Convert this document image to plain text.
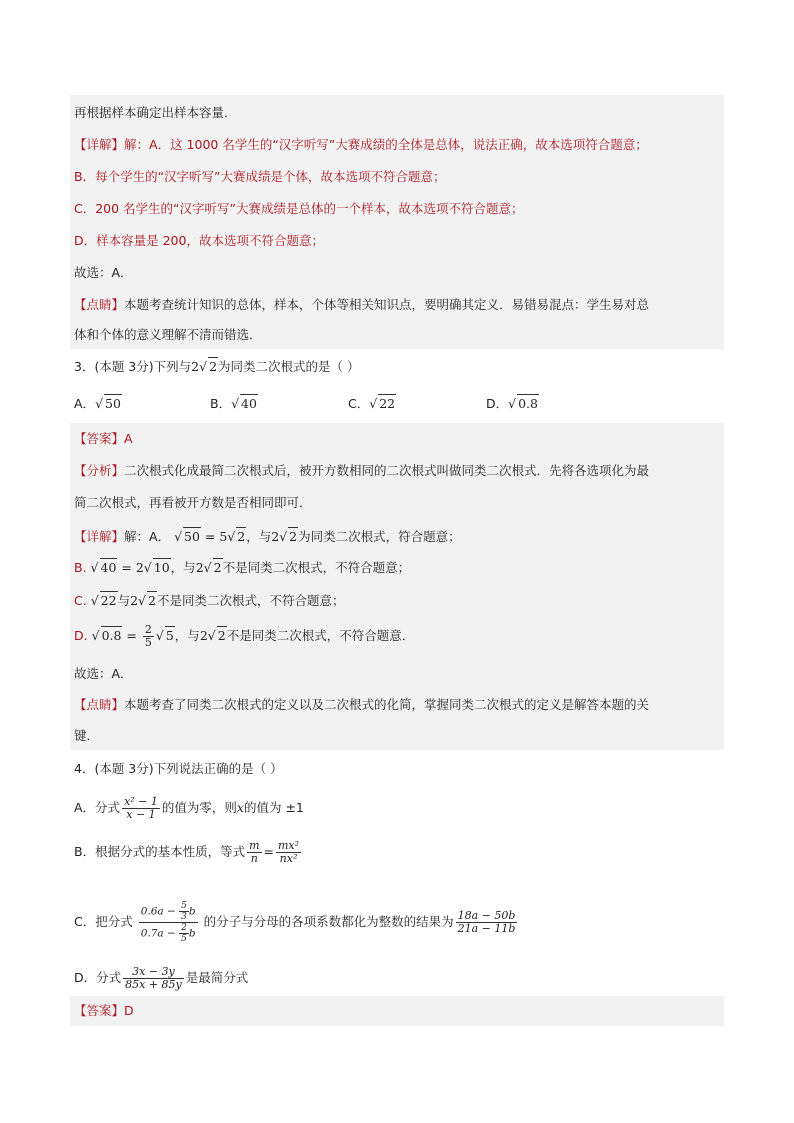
再根据样本确定出样本容量．
【详解】解：A．这 1000 名学生的“汉字听写”大赛成绩的全体是总体，说法正确，故本选项符合题意；
B．每个学生的“汉字听写”大赛成绩是个体，故本选项不符合题意；
C．200 名学生的“汉字听写”大赛成绩是总体的一个样本，故本选项不符合题意；
D．样本容量是 200，故本选项不符合题意；
故选：A．
【点睛】本题考查统计知识的总体，样本，个体等相关知识点，要明确其定义．易错易混点：学生易对总
体和个体的意义理解不清而错选．
3．(本题 3分)下列与2√ 2为同类二次根式的是（ ）
A．√ 50	B．√ 40	C．√ 22	D．√ 0.8
【答案】A
【分析】二次根式化成最简二次根式后，被开方数相同的二次根式叫做同类二次根式．先将各选项化为最
简二次根式，再看被开方数是否相同即可．
【详解】解：A． √ 50 = 5√ 2，与2√ 2为同类二次根式，符合题意；
B. √ 40 = 2√ 10，与2√ 2不是同类二次根式，不符合题意；
C. √ 22与2√ 2不是同类二次根式，不符合题意；
D. √ $0.8 = \frac{2}{5}$ √ 5，与2√ 2不是同类二次根式，不符合题意．
故选：A．
【点睛】本题考查了同类二次根式的定义以及二次根式的化简，掌握同类二次根式的定义是解答本题的关
键．
4．(本题 3分)下列说法正确的是（ ）
A．分式 $\frac{\text{x² − 1}}{x - 1}$ 的值为零，则x的值为 ±1
B．根据分式的基本性质，等式 $\frac{m}{n} = \frac{\text{mx²}}{\text{nx²}}$
C．把分式 $\frac{0.6a - \frac{5}{3} b}{0.7a - \frac{2}{5} b}$ 的分子与分母的各项系数都化为整数的结果为 $\frac{18a - 50b}{21a - 11b}$
D．分式 $\frac{3x - 3y}{85x + 85y}$ 是最简分式
【答案】D
